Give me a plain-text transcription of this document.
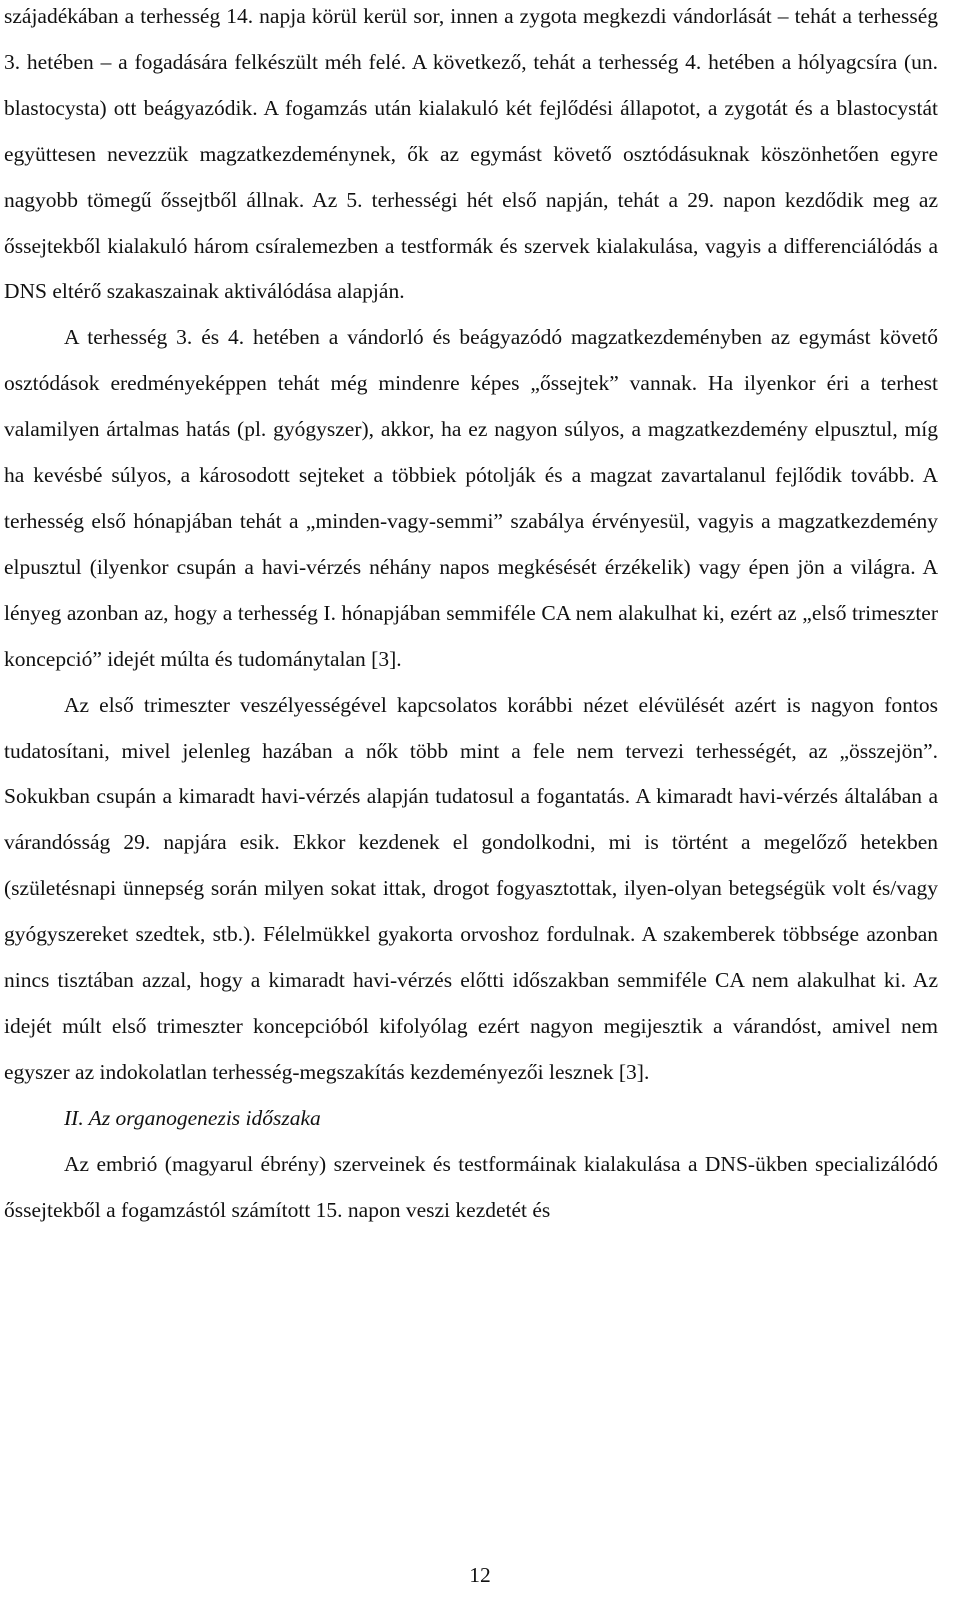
szájadékában a terhesség 14. napja körül kerül sor, innen a zygota megkezdi vándorlását – tehát a terhesség 3. hetében – a fogadására felkészült méh felé. A következő, tehát a terhesség 4. hetében a hólyagcsíra (un. blastocysta) ott beágyazódik. A fogamzás után kialakuló két fejlődési állapotot, a zygotát és a blastocystát együttesen nevezzük magzatkezdeménynek, ők az egymást követő osztódásuknak köszönhetően egyre nagyobb tömegű őssejtből állnak. Az 5. terhességi hét első napján, tehát a 29. napon kezdődik meg az őssejtekből kialakuló három csíralemezben a testformák és szervek kialakulása, vagyis a differenciálódás a DNS eltérő szakaszainak aktiválódása alapján.

A terhesség 3. és 4. hetében a vándorló és beágyazódó magzatkezdeményben az egymást követő osztódások eredményeképpen tehát még mindenre képes „őssejtek” vannak. Ha ilyenkor éri a terhest valamilyen ártalmas hatás (pl. gyógyszer), akkor, ha ez nagyon súlyos, a magzatkezdemény elpusztul, míg ha kevésbé súlyos, a károsodott sejteket a többiek pótolják és a magzat zavartalanul fejlődik tovább. A terhesség első hónapjában tehát a „minden-vagy-semmi” szabálya érvényesül, vagyis a magzatkezdemény elpusztul (ilyenkor csupán a havi-vérzés néhány napos megkésését érzékelik) vagy épen jön a világra. A lényeg azonban az, hogy a terhesség I. hónapjában semmiféle CA nem alakulhat ki, ezért az „első trimeszter koncepció” idejét múlta és tudománytalan [3].

Az első trimeszter veszélyességével kapcsolatos korábbi nézet elévülését azért is nagyon fontos tudatosítani, mivel jelenleg hazában a nők több mint a fele nem tervezi terhességét, az „összejön”. Sokukban csupán a kimaradt havi-vérzés alapján tudatosul a fogantatás. A kimaradt havi-vérzés általában a várandósság 29. napjára esik. Ekkor kezdenek el gondolkodni, mi is történt a megelőző hetekben (születésnapi ünnepség során milyen sokat ittak, drogot fogyasztottak, ilyen-olyan betegségük volt és/vagy gyógyszereket szedtek, stb.). Félelmükkel gyakorta orvoshoz fordulnak. A szakemberek többsége azonban nincs tisztában azzal, hogy a kimaradt havi-vérzés előtti időszakban semmiféle CA nem alakulhat ki. Az idejét múlt első trimeszter koncepcióból kifolyólag ezért nagyon megijesztik a várandóst, amivel nem egyszer az indokolatlan terhesség-megszakítás kezdeményezői lesznek [3].

II. Az organogenezis időszaka

Az embrió (magyarul ébrény) szerveinek és testformáinak kialakulása a DNS-ükben specializálódó őssejtekből a fogamzástól számított 15. napon veszi kezdetét és

12
